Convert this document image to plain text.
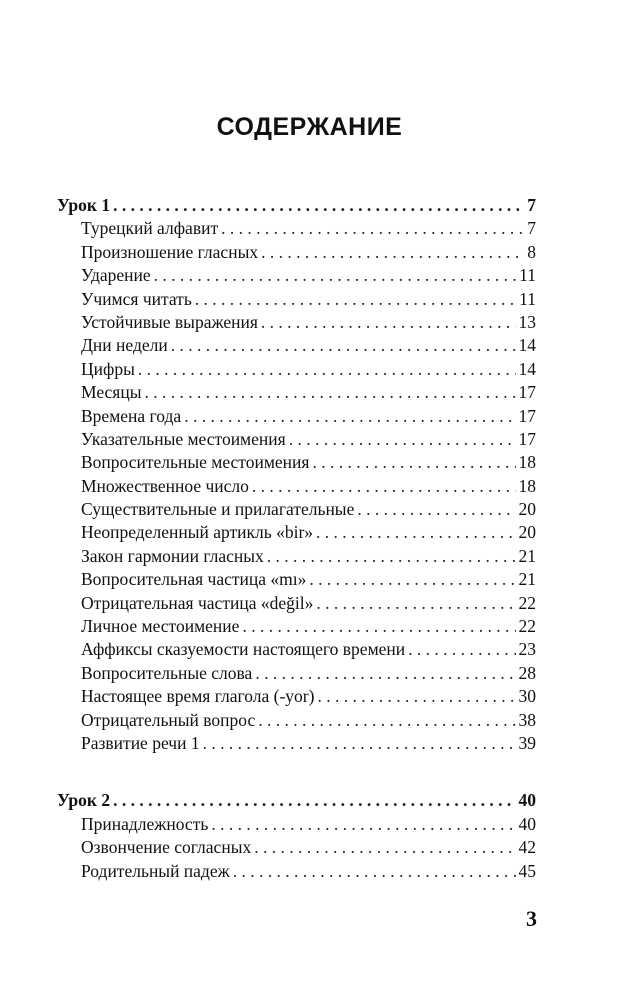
СОДЕРЖАНИЕ
Урок 1 . . .	7
Турецкий алфавит . . .	7
Произношение гласных . . .	8
Ударение . . .	11
Учимся читать . . .	11
Устойчивые выражения . . .	13
Дни недели . . .	14
Цифры . . .	14
Месяцы . . .	17
Времена года . . .	17
Указательные местоимения . . .	17
Вопросительные местоимения . . .	18
Множественное число . . .	18
Существительные и прилагательные . . .	20
Неопределенный артикль «bir» . . .	20
Закон гармонии гласных . . .	21
Вопросительная частица «mı» . . .	21
Отрицательная частица «değil» . . .	22
Личное местоимение . . .	22
Аффиксы сказуемости настоящего времени . . .	23
Вопросительные слова . . .	28
Настоящее время глагола (-yor) . . .	30
Отрицательный вопрос . . .	38
Развитие речи 1 . . .	39
Урок 2 . . .	40
Принадлежность . . .	40
Озвончение согласных . . .	42
Родительный падеж . . .	45
3
